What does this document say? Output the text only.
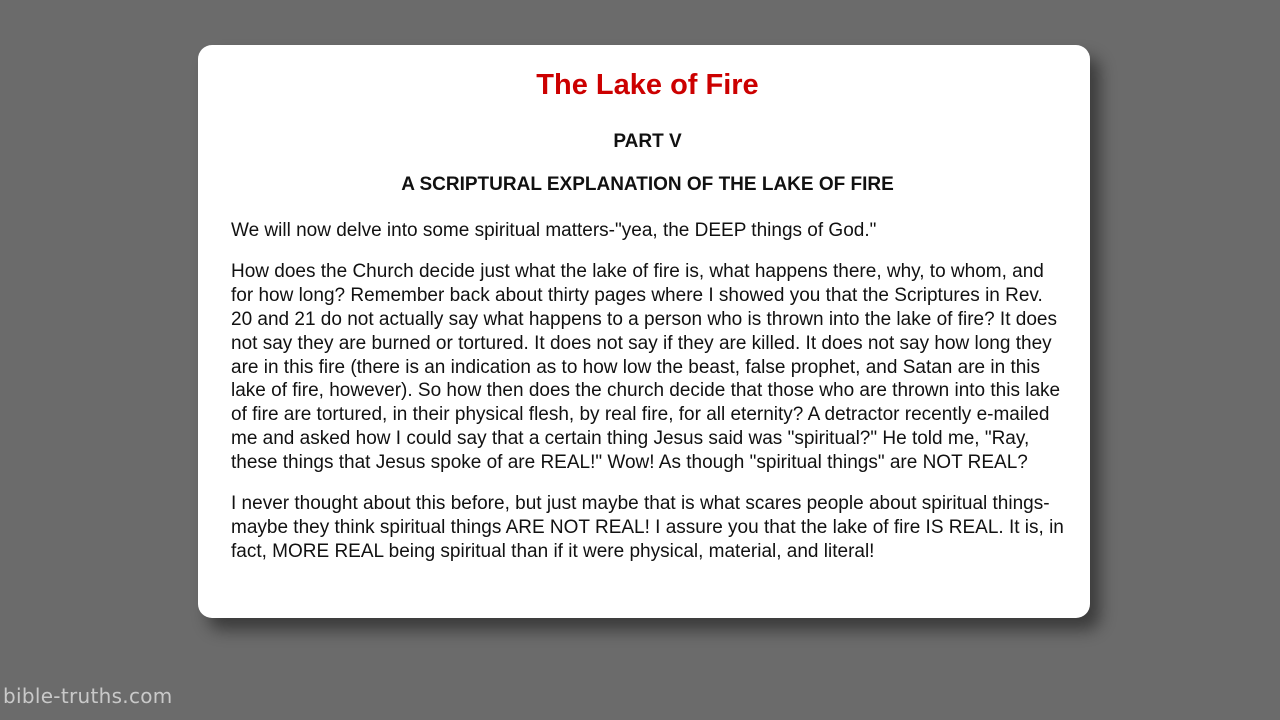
The Lake of Fire
PART V
A SCRIPTURAL EXPLANATION OF THE LAKE OF FIRE

We will now delve into some spiritual matters-"yea, the DEEP things of God."

How does the Church decide just what the lake of fire is, what happens there, why, to whom, and for how long? Remember back about thirty pages where I showed you that the Scriptures in Rev. 20 and 21 do not actually say what happens to a person who is thrown into the lake of fire? It does not say they are burned or tortured. It does not say if they are killed. It does not say how long they are in this fire (there is an indication as to how low the beast, false prophet, and Satan are in this lake of fire, however). So how then does the church decide that those who are thrown into this lake of fire are tortured, in their physical flesh, by real fire, for all eternity? A detractor recently e-mailed me and asked how I could say that a certain thing Jesus said was "spiritual?" He told me, "Ray, these things that Jesus spoke of are REAL!" Wow! As though "spiritual things" are NOT REAL?

I never thought about this before, but just maybe that is what scares people about spiritual things-maybe they think spiritual things ARE NOT REAL! I assure you that the lake of fire IS REAL. It is, in fact, MORE REAL being spiritual than if it were physical, material, and literal!

bible-truths.com
